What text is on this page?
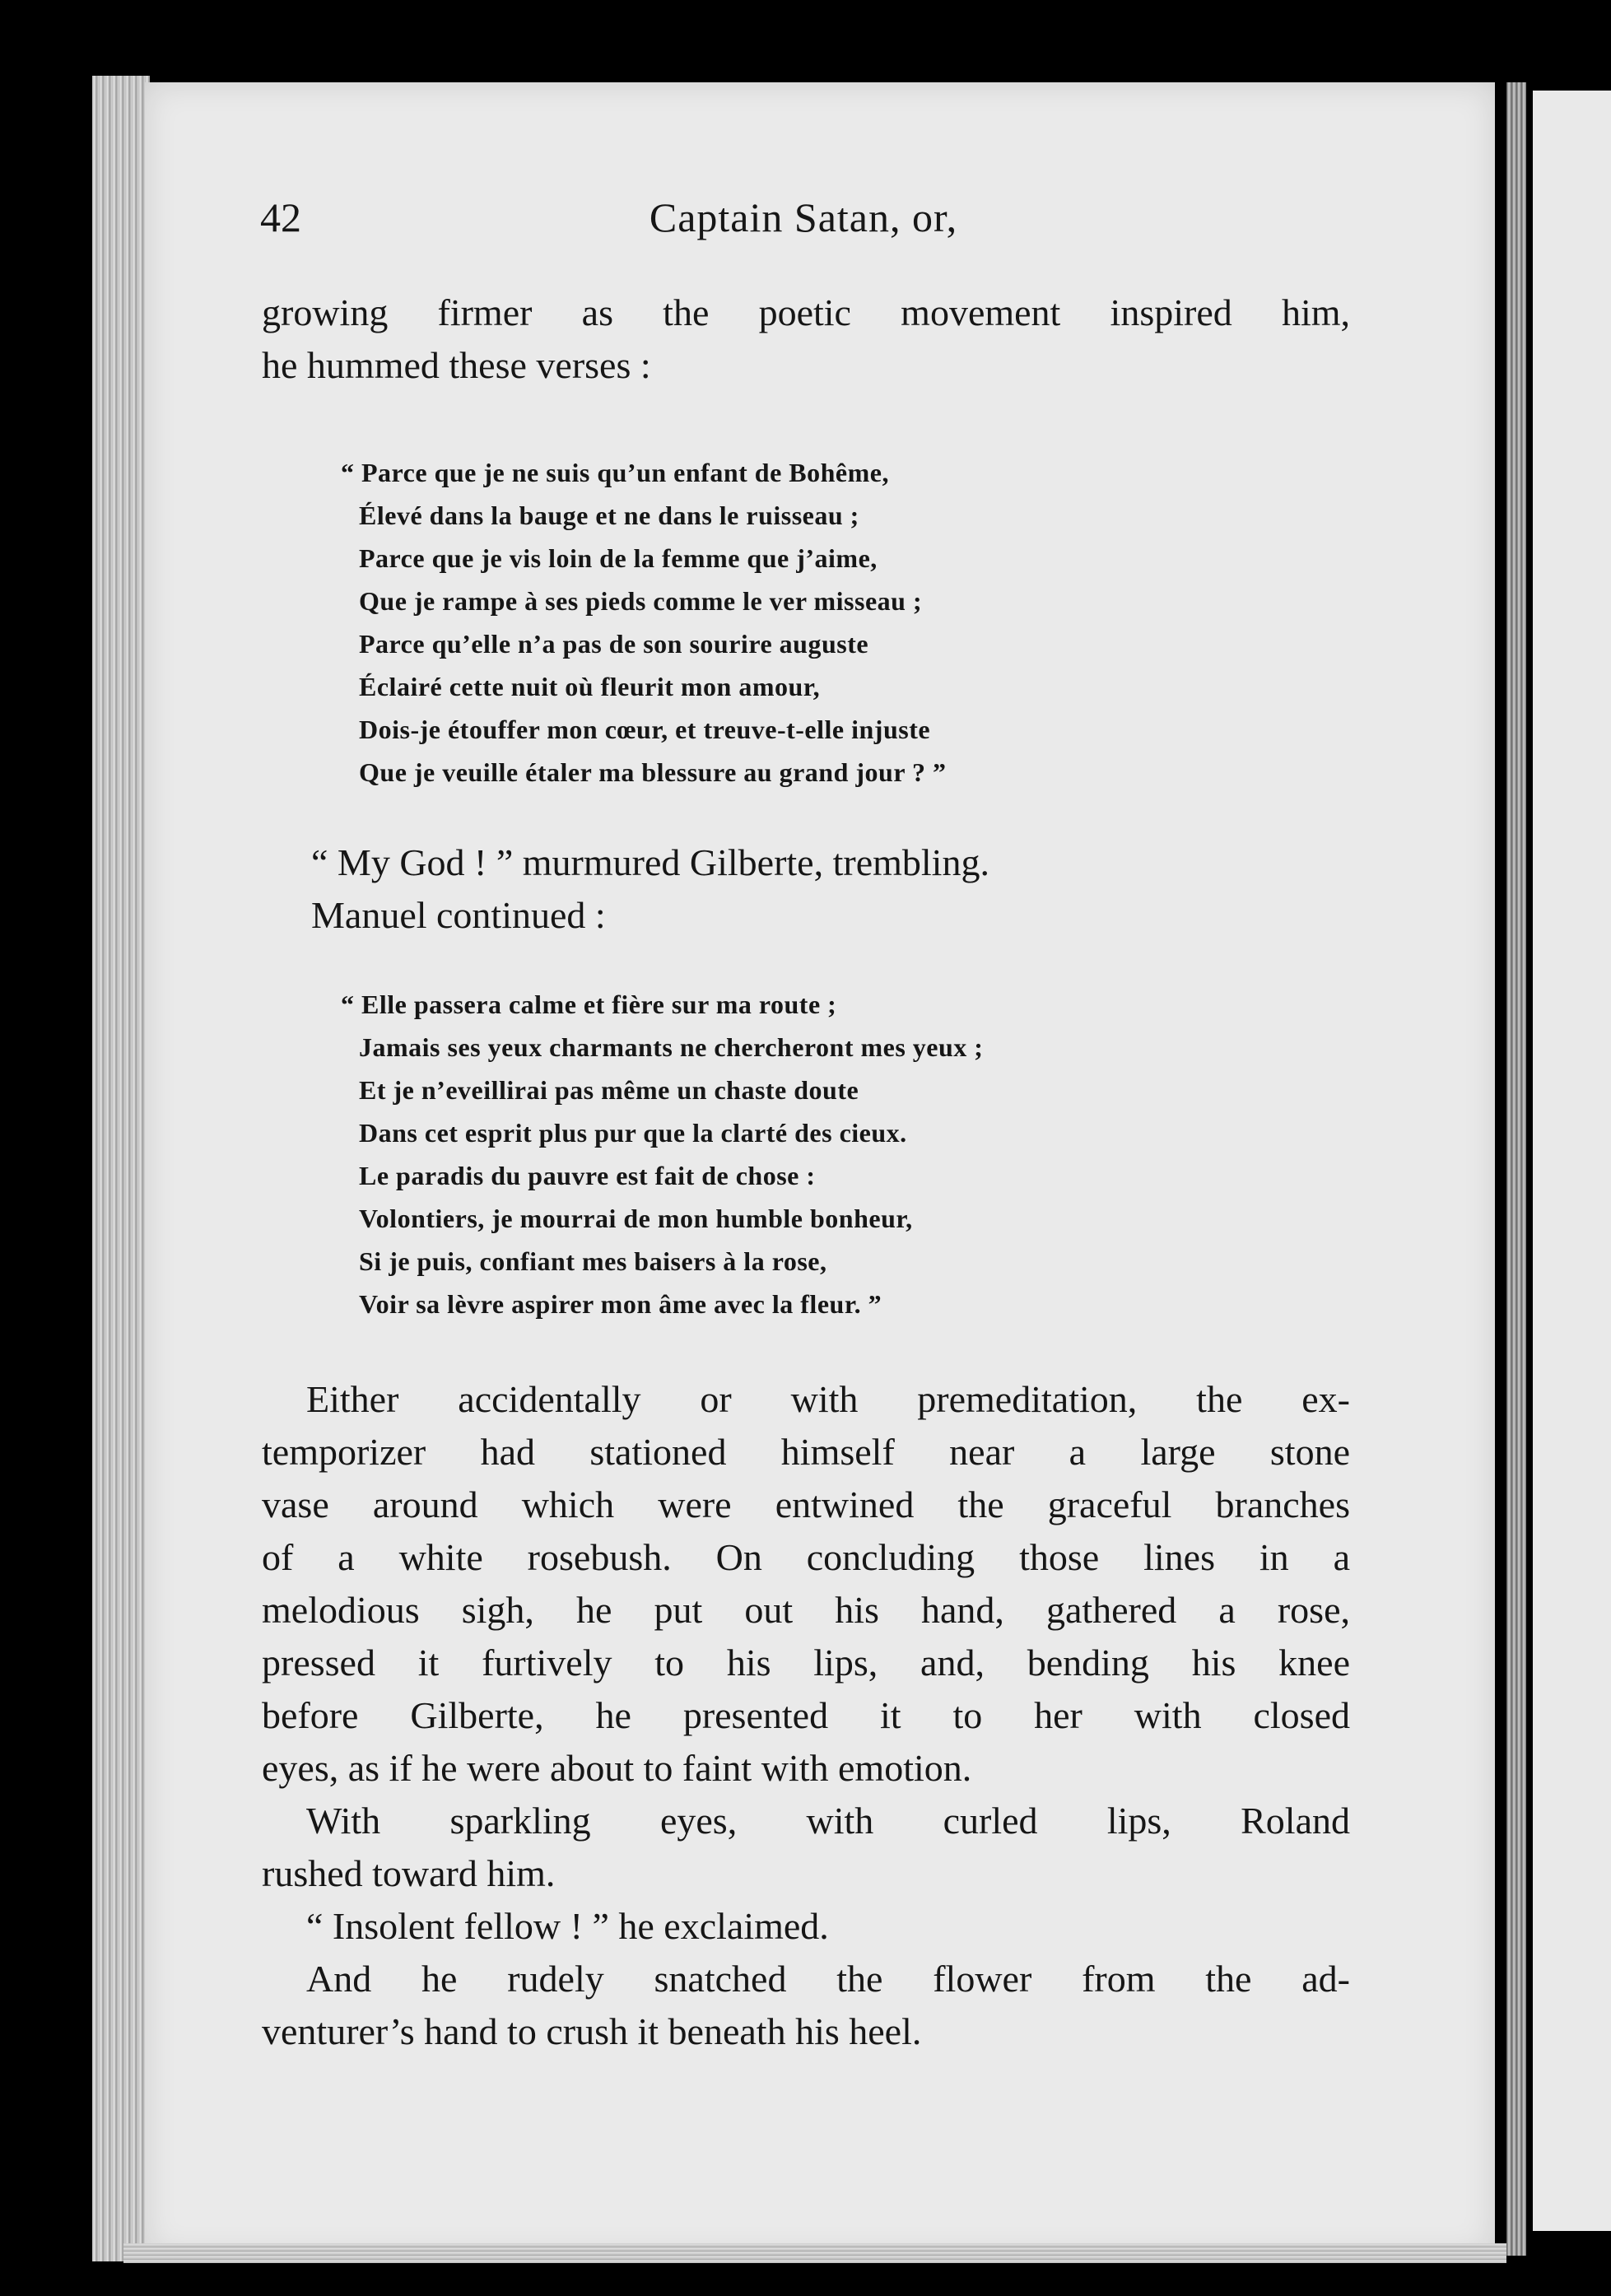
42	Captain Satan, or,
growing firmer as the poetic movement inspired him,
he hummed these verses :
“ Parce que je ne suis qu’un enfant de Bohême,
Élevé dans la bauge et ne dans le ruisseau ;
Parce que je vis loin de la femme que j’aime,
Que je rampe à ses pieds comme le ver misseau ;
Parce qu’elle n’a pas de son sourire auguste
Éclairé cette nuit où fleurit mon amour,
Dois-je étouffer mon cœur, et treuve-t-elle injuste
Que je veuille étaler ma blessure au grand jour ? ”
“ My God ! ” murmured Gilberte, trembling.
Manuel continued :
“ Elle passera calme et fière sur ma route ;
Jamais ses yeux charmants ne chercheront mes yeux ;
Et je n’eveillirai pas même un chaste doute
Dans cet esprit plus pur que la clarté des cieux.
Le paradis du pauvre est fait de chose :
Volontiers, je mourrai de mon humble bonheur,
Si je puis, confiant mes baisers à la rose,
Voir sa lèvre aspirer mon âme avec la fleur. ”
Either accidentally or with premeditation, the ex-
temporizer had stationed himself near a large stone
vase around which were entwined the graceful branches
of a white rosebush. On concluding those lines in a
melodious sigh, he put out his hand, gathered a rose,
pressed it furtively to his lips, and, bending his knee
before Gilberte, he presented it to her with closed
eyes, as if he were about to faint with emotion.
With sparkling eyes, with curled lips, Roland
rushed toward him.
“ Insolent fellow ! ” he exclaimed.
And he rudely snatched the flower from the ad-
venturer’s hand to crush it beneath his heel.
